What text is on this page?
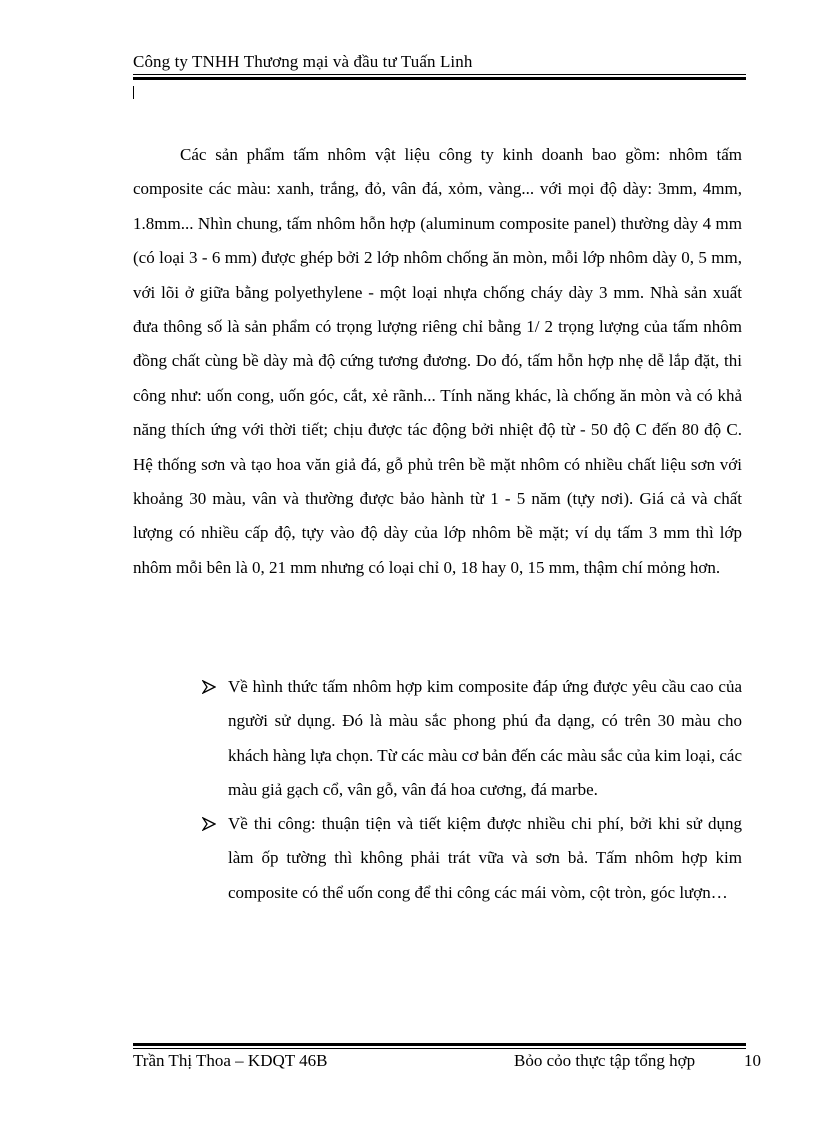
Công ty TNHH Thương mại và đầu tư Tuấn Linh

Các sản phẩm tấm nhôm vật liệu công ty kinh doanh bao gồm: nhôm tấm composite các màu: xanh, trắng, đỏ, vân đá, xỏm, vàng... với mọi độ dày: 3mm, 4mm, 1.8mm... Nhìn chung, tấm nhôm hỗn hợp (aluminum composite panel) thường dày 4 mm (có loại 3 - 6 mm) được ghép bởi 2 lớp nhôm chống ăn mòn, mỗi lớp nhôm dày 0, 5 mm, với lõi ở giữa bằng polyethylene - một loại nhựa chống cháy dày 3 mm. Nhà sản xuất đưa thông số là sản phẩm có trọng lượng riêng chỉ bằng 1/ 2 trọng lượng của tấm nhôm đồng chất cùng bề dày mà độ cứng tương đương. Do đó, tấm hỗn hợp nhẹ dễ lắp đặt, thi công như: uốn cong, uốn góc, cắt, xẻ rãnh... Tính năng khác, là chống ăn mòn và có khả năng thích ứng với thời tiết; chịu được tác động bởi nhiệt độ từ - 50 độ C đến 80 độ C. Hệ thống sơn và tạo hoa văn giả đá, gỗ phủ trên bề mặt nhôm có nhiều chất liệu sơn với khoảng 30 màu, vân và thường được bảo hành từ 1 - 5 năm (tựy nơi). Giá cả và chất lượng có nhiều cấp độ, tựy vào độ dày của lớp nhôm bề mặt; ví dụ tấm 3 mm thì lớp nhôm mỗi bên là 0, 21 mm nhưng có loại chỉ 0, 18 hay 0, 15 mm, thậm chí mỏng hơn.

Về hình thức tấm nhôm hợp kim composite đáp ứng được yêu cầu cao của người sử dụng. Đó là màu sắc phong phú đa dạng, có trên 30 màu cho khách hàng lựa chọn. Từ các màu cơ bản đến các màu sắc của kim loại, các màu giả gạch cổ, vân gỗ, vân đá hoa cương, đá marbe.
Về thi công: thuận tiện và tiết kiệm được nhiều chi phí, bởi khi sử dụng làm ốp tường thì không phải trát vữa và sơn bả. Tấm nhôm hợp kim composite có thể uốn cong để thi công các mái vòm, cột tròn, góc lượn…
Trần Thị Thoa – KDQT 46B	Bỏo cỏo thực tập tổng hợp	10
